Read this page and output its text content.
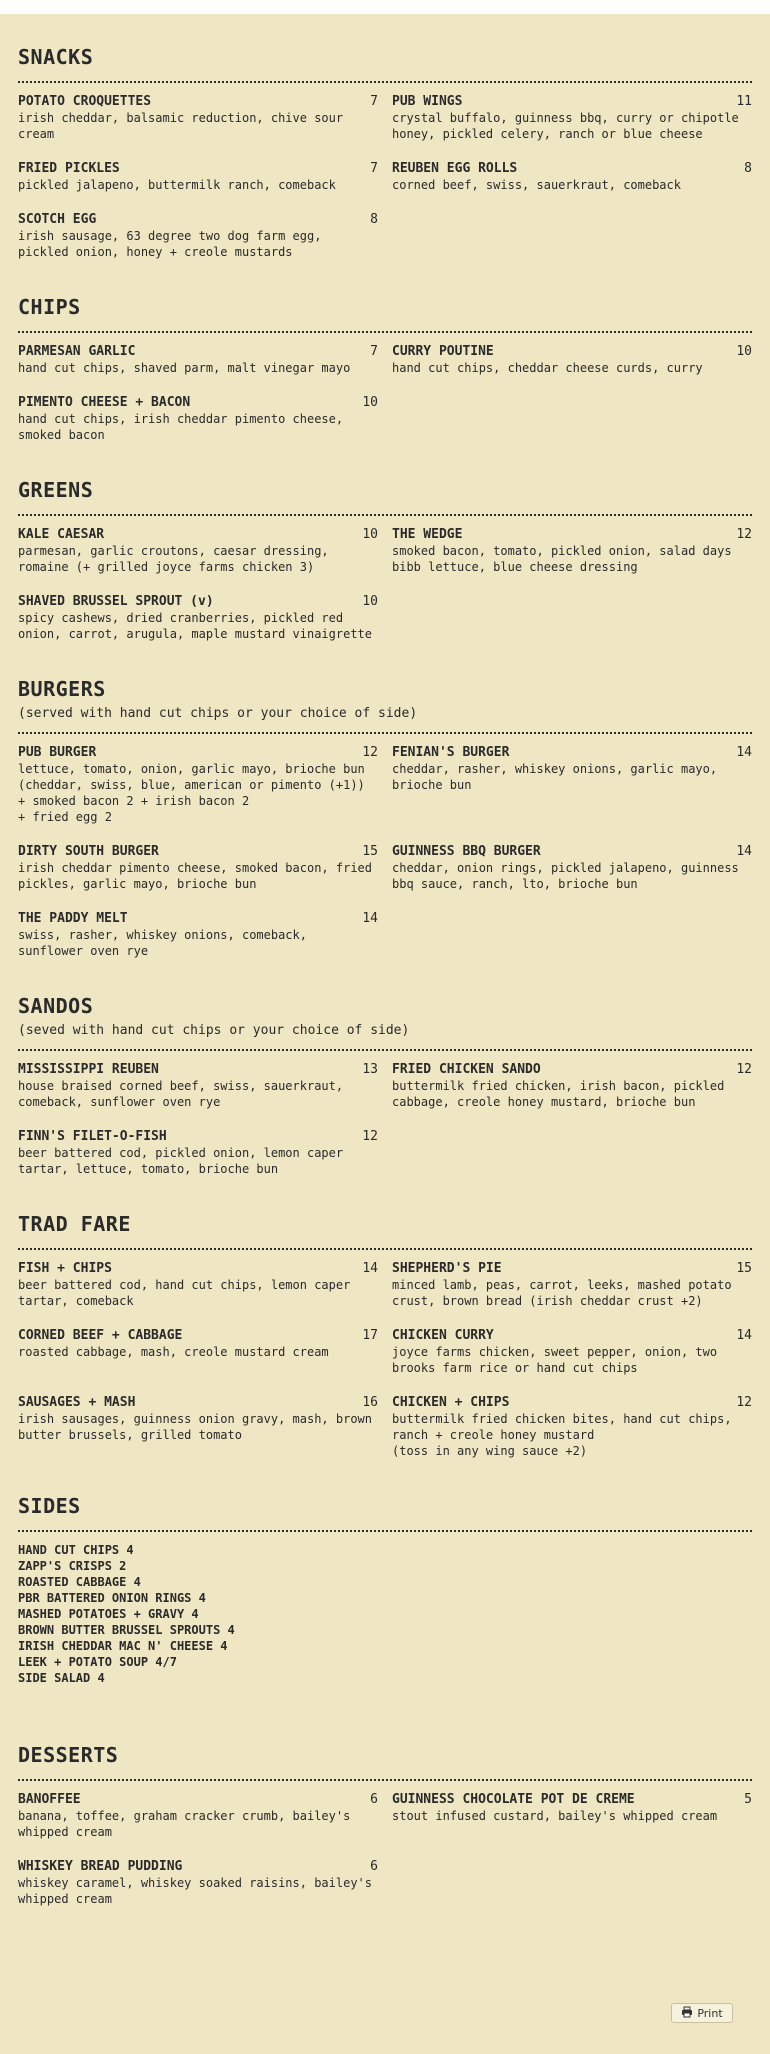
SNACKS
POTATO CROQUETTES	7
irish cheddar, balsamic reduction, chive sour cream
PUB WINGS	11
crystal buffalo, guinness bbq, curry or chipotle honey, pickled celery, ranch or blue cheese
FRIED PICKLES	7
pickled jalapeno, buttermilk ranch, comeback
REUBEN EGG ROLLS	8
corned beef, swiss, sauerkraut, comeback
SCOTCH EGG	8
irish sausage, 63 degree two dog farm egg, pickled onion, honey + creole mustards
CHIPS
PARMESAN GARLIC	7
hand cut chips, shaved parm, malt vinegar mayo
CURRY POUTINE	10
hand cut chips, cheddar cheese curds, curry
PIMENTO CHEESE + BACON	10
hand cut chips, irish cheddar pimento cheese, smoked bacon
GREENS
KALE CAESAR	10
parmesan, garlic croutons, caesar dressing, romaine (+ grilled joyce farms chicken 3)
THE WEDGE	12
smoked bacon, tomato, pickled onion, salad days bibb lettuce, blue cheese dressing
SHAVED BRUSSEL SPROUT (v)	10
spicy cashews, dried cranberries, pickled red onion, carrot, arugula, maple mustard vinaigrette
BURGERS
(served with hand cut chips or your choice of side)
PUB BURGER	12
lettuce, tomato, onion, garlic mayo, brioche bun (cheddar, swiss, blue, american or pimento (+1))
+ smoked bacon 2 + irish bacon 2
+ fried egg 2
FENIAN'S BURGER	14
cheddar, rasher, whiskey onions, garlic mayo, brioche bun
DIRTY SOUTH BURGER	15
irish cheddar pimento cheese, smoked bacon, fried pickles, garlic mayo, brioche bun
GUINNESS BBQ BURGER	14
cheddar, onion rings, pickled jalapeno, guinness bbq sauce, ranch, lto, brioche bun
THE PADDY MELT	14
swiss, rasher, whiskey onions, comeback, sunflower oven rye
SANDOS
(seved with hand cut chips or your choice of side)
MISSISSIPPI REUBEN	13
house braised corned beef, swiss, sauerkraut, comeback, sunflower oven rye
FRIED CHICKEN SANDO	12
buttermilk fried chicken, irish bacon, pickled cabbage, creole honey mustard, brioche bun
FINN'S FILET-O-FISH	12
beer battered cod, pickled onion, lemon caper tartar, lettuce, tomato, brioche bun
TRAD FARE
FISH + CHIPS	14
beer battered cod, hand cut chips, lemon caper tartar, comeback
SHEPHERD'S PIE	15
minced lamb, peas, carrot, leeks, mashed potato crust, brown bread (irish cheddar crust +2)
CORNED BEEF + CABBAGE	17
roasted cabbage, mash, creole mustard cream
CHICKEN CURRY	14
joyce farms chicken, sweet pepper, onion, two brooks farm rice or hand cut chips
SAUSAGES + MASH	16
irish sausages, guinness onion gravy, mash, brown butter brussels, grilled tomato
CHICKEN + CHIPS	12
buttermilk fried chicken bites, hand cut chips, ranch + creole honey mustard
(toss in any wing sauce +2)
SIDES
HAND CUT CHIPS 4
ZAPP'S CRISPS 2
ROASTED CABBAGE 4
PBR BATTERED ONION RINGS 4
MASHED POTATOES + GRAVY 4
BROWN BUTTER BRUSSEL SPROUTS 4
IRISH CHEDDAR MAC N' CHEESE 4
LEEK + POTATO SOUP 4/7
SIDE SALAD 4
DESSERTS
BANOFFEE	6
banana, toffee, graham cracker crumb, bailey's whipped cream
GUINNESS CHOCOLATE POT DE CREME	5
stout infused custard, bailey's whipped cream
WHISKEY BREAD PUDDING	6
whiskey caramel, whiskey soaked raisins, bailey's whipped cream
Print
